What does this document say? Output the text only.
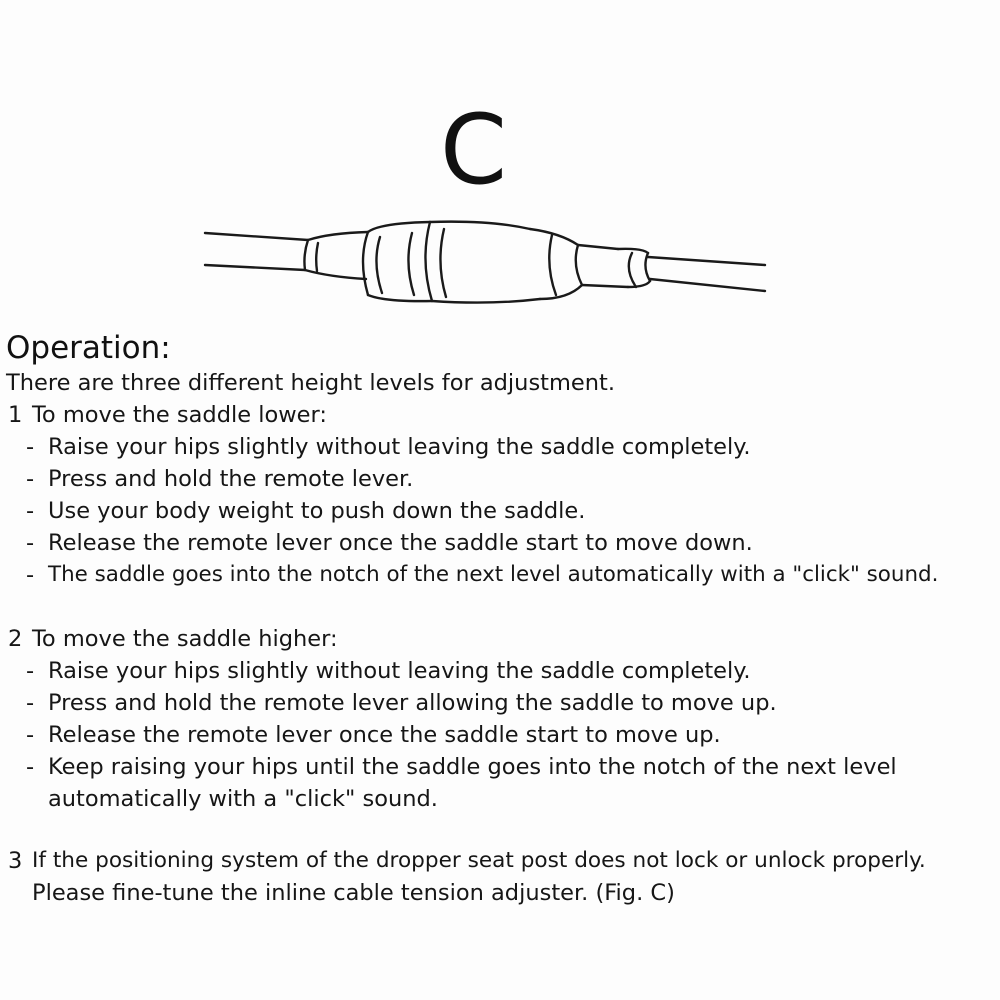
C
Operation:
There are three different height levels for adjustment.
1 To move the saddle lower:
- Raise your hips slightly without leaving the saddle completely.
- Press and hold the remote lever.
- Use your body weight to push down the saddle.
- Release the remote lever once the saddle start to move down.
- The saddle goes into the notch of the next level automatically with a "click" sound.
2 To move the saddle higher:
- Raise your hips slightly without leaving the saddle completely.
- Press and hold the remote lever allowing the saddle to move up.
- Release the remote lever once the saddle start to move up.
- Keep raising your hips until the saddle goes into the notch of the next level
automatically with a "click" sound.
3 If the positioning system of the dropper seat post does not lock or unlock properly.
Please fine-tune the inline cable tension adjuster. (Fig. C)
